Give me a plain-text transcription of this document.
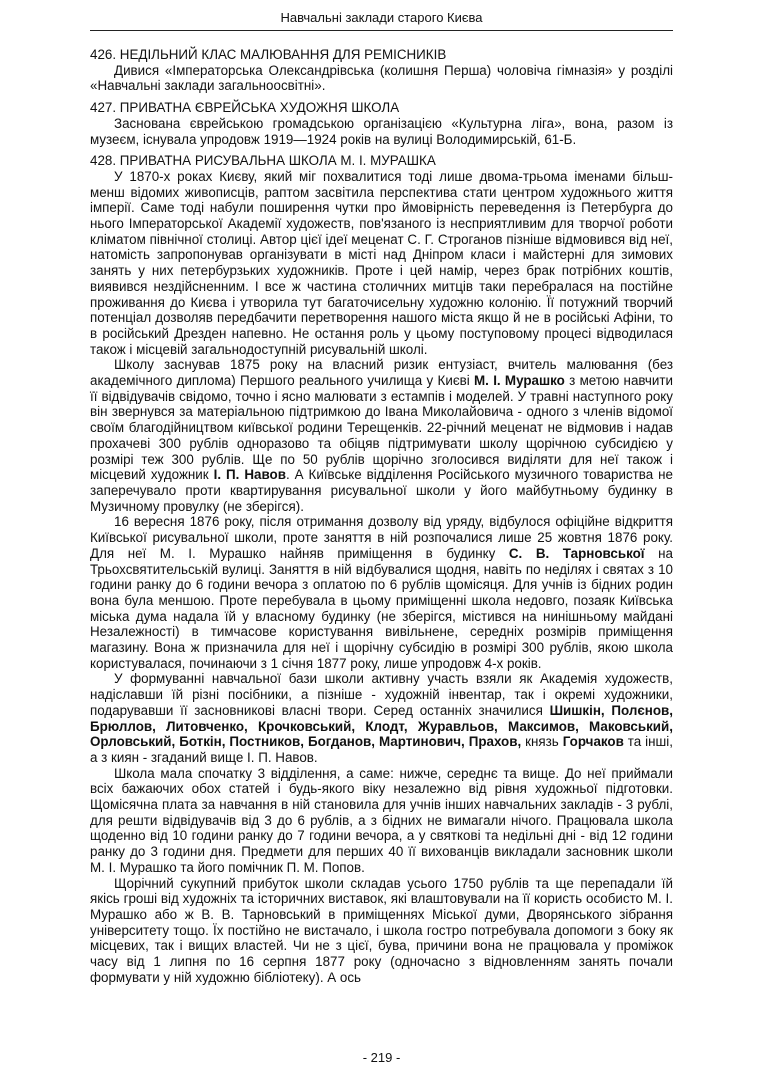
Навчальні заклади старого Києва

426. НЕДІЛЬНИЙ КЛАС МАЛЮВАННЯ ДЛЯ РЕМІСНИКІВ

Дивися «Імператорська Олександрівська (колишня Перша) чоловіча гімназія» у розділі «Навчальні заклади загальноосвітні».

427. ПРИВАТНА ЄВРЕЙСЬКА ХУДОЖНЯ ШКОЛА

Заснована єврейською громадською організацією «Культурна ліга», вона, разом із музеєм, існувала упродовж 1919—1924 років на вулиці Володимирській, 61-Б.

428. ПРИВАТНА РИСУВАЛЬНА ШКОЛА М. І. МУРАШКА

У 1870-х роках Києву, який міг похвалитися тоді лише двома-трьома іменами більш-менш відомих живописців, раптом засвітила перспектива стати центром художнього життя імперії. Саме тоді набули поширення чутки про ймовірність переведення із Петербурга до нього Імператорської Академії художеств, пов'язаного із несприятливим для творчої роботи кліматом північної столиці. Автор цієї ідеї меценат С. Г. Строганов пізніше відмовився від неї, натомість запропонував організувати в місті над Дніпром класи і майстерні для зимових занять у них петербурзьких художників. Проте і цей намір, через брак потрібних коштів, виявився нездійсненним. І все ж частина столичних митців таки перебралася на постійне проживання до Києва і утворила тут багаточисельну художню колонію. Її потужний творчий потенціал дозволяв передбачити перетворення нашого міста якщо й не в російські Афіни, то в російський Дрезден напевно. Не остання роль у цьому поступовому процесі відводилася також і місцевій загальнодоступній рисувальній школі.

Школу заснував 1875 року на власний ризик ентузіаст, вчитель малювання (без академічного диплома) Першого реального училища у Києві М. І. Мурашко з метою навчити її відвідувачів свідомо, точно і ясно малювати з естампів і моделей. У травні наступного року він звернувся за матеріальною підтримкою до Івана Миколайовича - одного з членів відомої своїм благодійництвом київської родини Терещенків. 22-річний меценат не відмовив і надав прохачеві 300 рублів одноразово та обіцяв підтримувати школу щорічною субсидією у розмірі теж 300 рублів. Ще по 50 рублів щорічно зголосився виділяти для неї також і місцевий художник І. П. Навов. А Київське відділення Російського музичного товариства не заперечувало проти квартирування рисувальної школи у його майбутньому будинку в Музичному провулку (не зберігся).

16 вересня 1876 року, після отримання дозволу від уряду, відбулося офіційне відкриття Київської рисувальної школи, проте заняття в ній розпочалися лише 25 жовтня 1876 року. Для неї М. І. Мурашко найняв приміщення в будинку С. В. Тарновської на Трьохсвятительській вулиці. Заняття в ній відбувалися щодня, навіть по неділях і святах з 10 години ранку до 6 години вечора з оплатою по 6 рублів щомісяця. Для учнів із бідних родин вона була меншою. Проте перебувала в цьому приміщенні школа недовго, позаяк Київська міська дума надала їй у власному будинку (не зберігся, містився на нинішньому майдані Незалежності) в тимчасове користування вивільнене, середніх розмірів приміщення магазину. Вона ж призначила для неї і щорічну субсидію в розмірі 300 рублів, якою школа користувалася, починаючи з 1 січня 1877 року, лише упродовж 4-х років.

У формуванні навчальної бази школи активну участь взяли як Академія художеств, надіславши їй різні посібники, а пізніше - художній інвентар, так і окремі художники, подарувавши її засновникові власні твори. Серед останніх значилися Шишкін, Полєнов, Брюллов, Литовченко, Крочковський, Клодт, Журавльов, Максимов, Маковський, Орловський, Боткін, Постников, Богданов, Мартинович, Прахов, князь Горчаков та інші, а з киян - згаданий вище І. П. Навов.

Школа мала спочатку 3 відділення, а саме: нижче, середнє та вище. До неї приймали всіх бажаючих обох статей і будь-якого віку незалежно від рівня художньої підготовки. Щомісячна плата за навчання в ній становила для учнів інших навчальних закладів - 3 рублі, для решти відвідувачів від 3 до 6 рублів, а з бідних не вимагали нічого. Працювала школа щоденно від 10 години ранку до 7 години вечора, а у святкові та недільні дні - від 12 години ранку до 3 години дня. Предмети для перших 40 її вихованців викладали засновник школи М. І. Мурашко та його помічник П. М. Попов.

Щорічний сукупний прибуток школи складав усього 1750 рублів та ще перепадали їй якісь гроші від художніх та історичних виставок, які влаштовували на її користь особисто М. І. Мурашко або ж В. В. Тарновський в приміщеннях Міської думи, Дворянського зібрання університету тощо. Їх постійно не вистачало, і школа гостро потребувала допомоги з боку як місцевих, так і вищих властей. Чи не з цієї, бува, причини вона не працювала у проміжок часу від 1 липня по 16 серпня 1877 року (одночасно з відновленням занять почали формувати у ній художню бібліотеку). А ось

- 219 -
